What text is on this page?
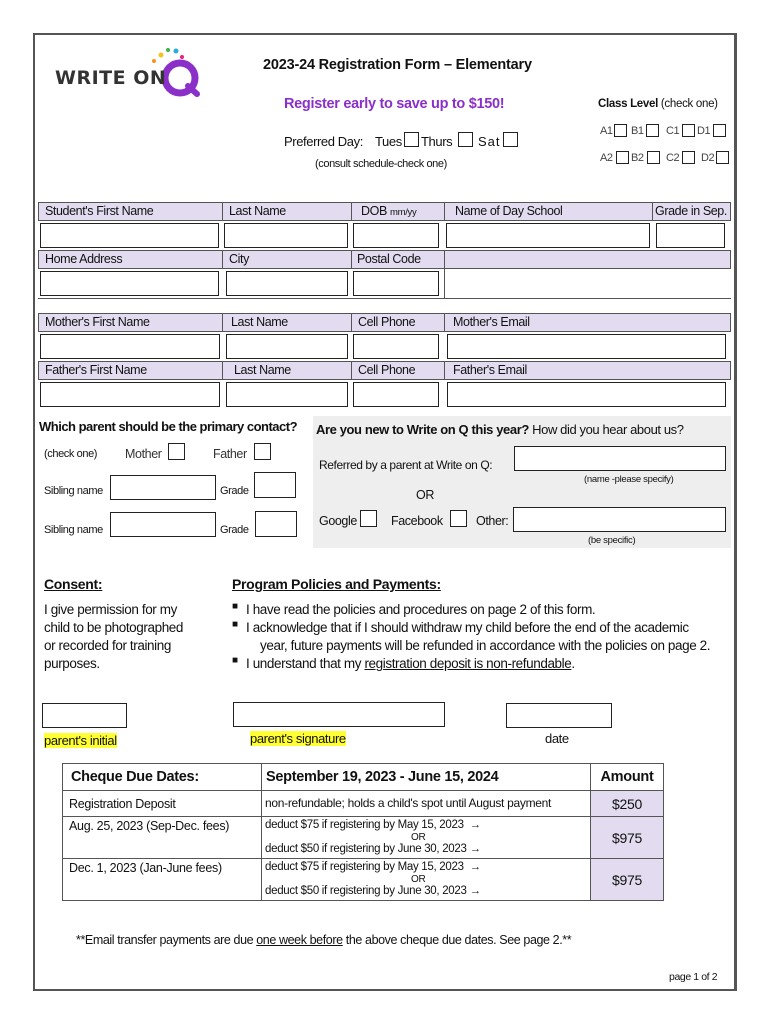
WRITE ON
2023-24 Registration Form – Elementary
Register early to save up to $150!
Preferred Day: Tues Thurs Sat
(consult schedule-check one)
Class Level (check one)
A1 B1 C1 D1
A2 B2 C2 D2
Student's First Name	Last Name	DOB mm/yy	Name of Day School	Grade in Sep.
Home Address	City	Postal Code
Mother's First Name	Last Name	Cell Phone	Mother's Email
Father's First Name	Last Name	Cell Phone	Father's Email
Which parent should be the primary contact?
(check one) Mother	Father
Sibling name	Grade
Sibling name	Grade
Are you new to Write on Q this year? How did you hear about us?
Referred by a parent at Write on Q:
(name -please specify)
OR
Google	Facebook	Other:
(be specific)
Consent:
I give permission for my
child to be photographed
or recorded for training
purposes.
Program Policies and Payments:
■ I have read the policies and procedures on page 2 of this form.
■ I acknowledge that if I should withdraw my child before the end of the academic
year, future payments will be refunded in accordance with the policies on page 2.
■ I understand that my registration deposit is non-refundable.
parent's initial	parent's signature	date
Cheque Due Dates:	September 19, 2023 - June 15, 2024	Amount
Registration Deposit	non-refundable; holds a child's spot until August payment	$250
Aug. 25, 2023 (Sep-Dec. fees)	deduct $75 if registering by May 15, 2023 →
OR
deduct $50 if registering by June 30, 2023 →	$975
Dec. 1, 2023 (Jan-June fees)	deduct $75 if registering by May 15, 2023 →
OR
deduct $50 if registering by June 30, 2023 →	$975
**Email transfer payments are due one week before the above cheque due dates. See page 2.**
page 1 of 2
